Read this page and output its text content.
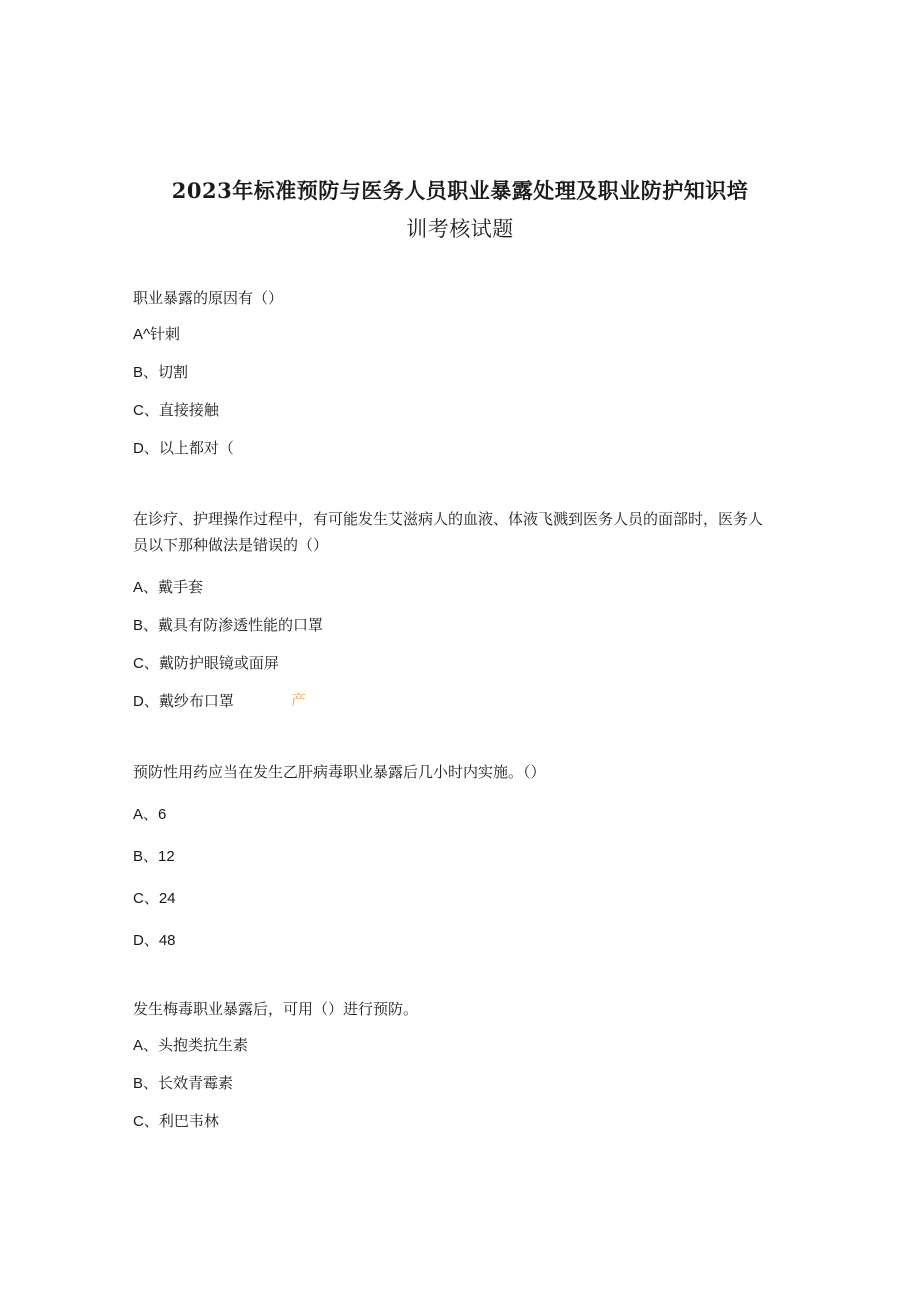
2023年标准预防与医务人员职业暴露处理及职业防护知识培
训考核试题

职业暴露的原因有（）

A^针刺
B、切割
C、直接接触
D、以上都对（

在诊疗、护理操作过程中，有可能发生艾滋病人的血液、体液飞溅到医务人员的面部时，医务人员以下那种做法是错误的（）

A、戴手套
B、戴具有防渗透性能的口罩
C、戴防护眼镜或面屏
D、戴纱布口罩	产

预防性用药应当在发生乙肝病毒职业暴露后几小时内实施。（）

A、6
B、12
C、24
D、48

发生梅毒职业暴露后，可用（）进行预防。

A、头抱类抗生素
B、长效青霉素
C、利巴韦林
